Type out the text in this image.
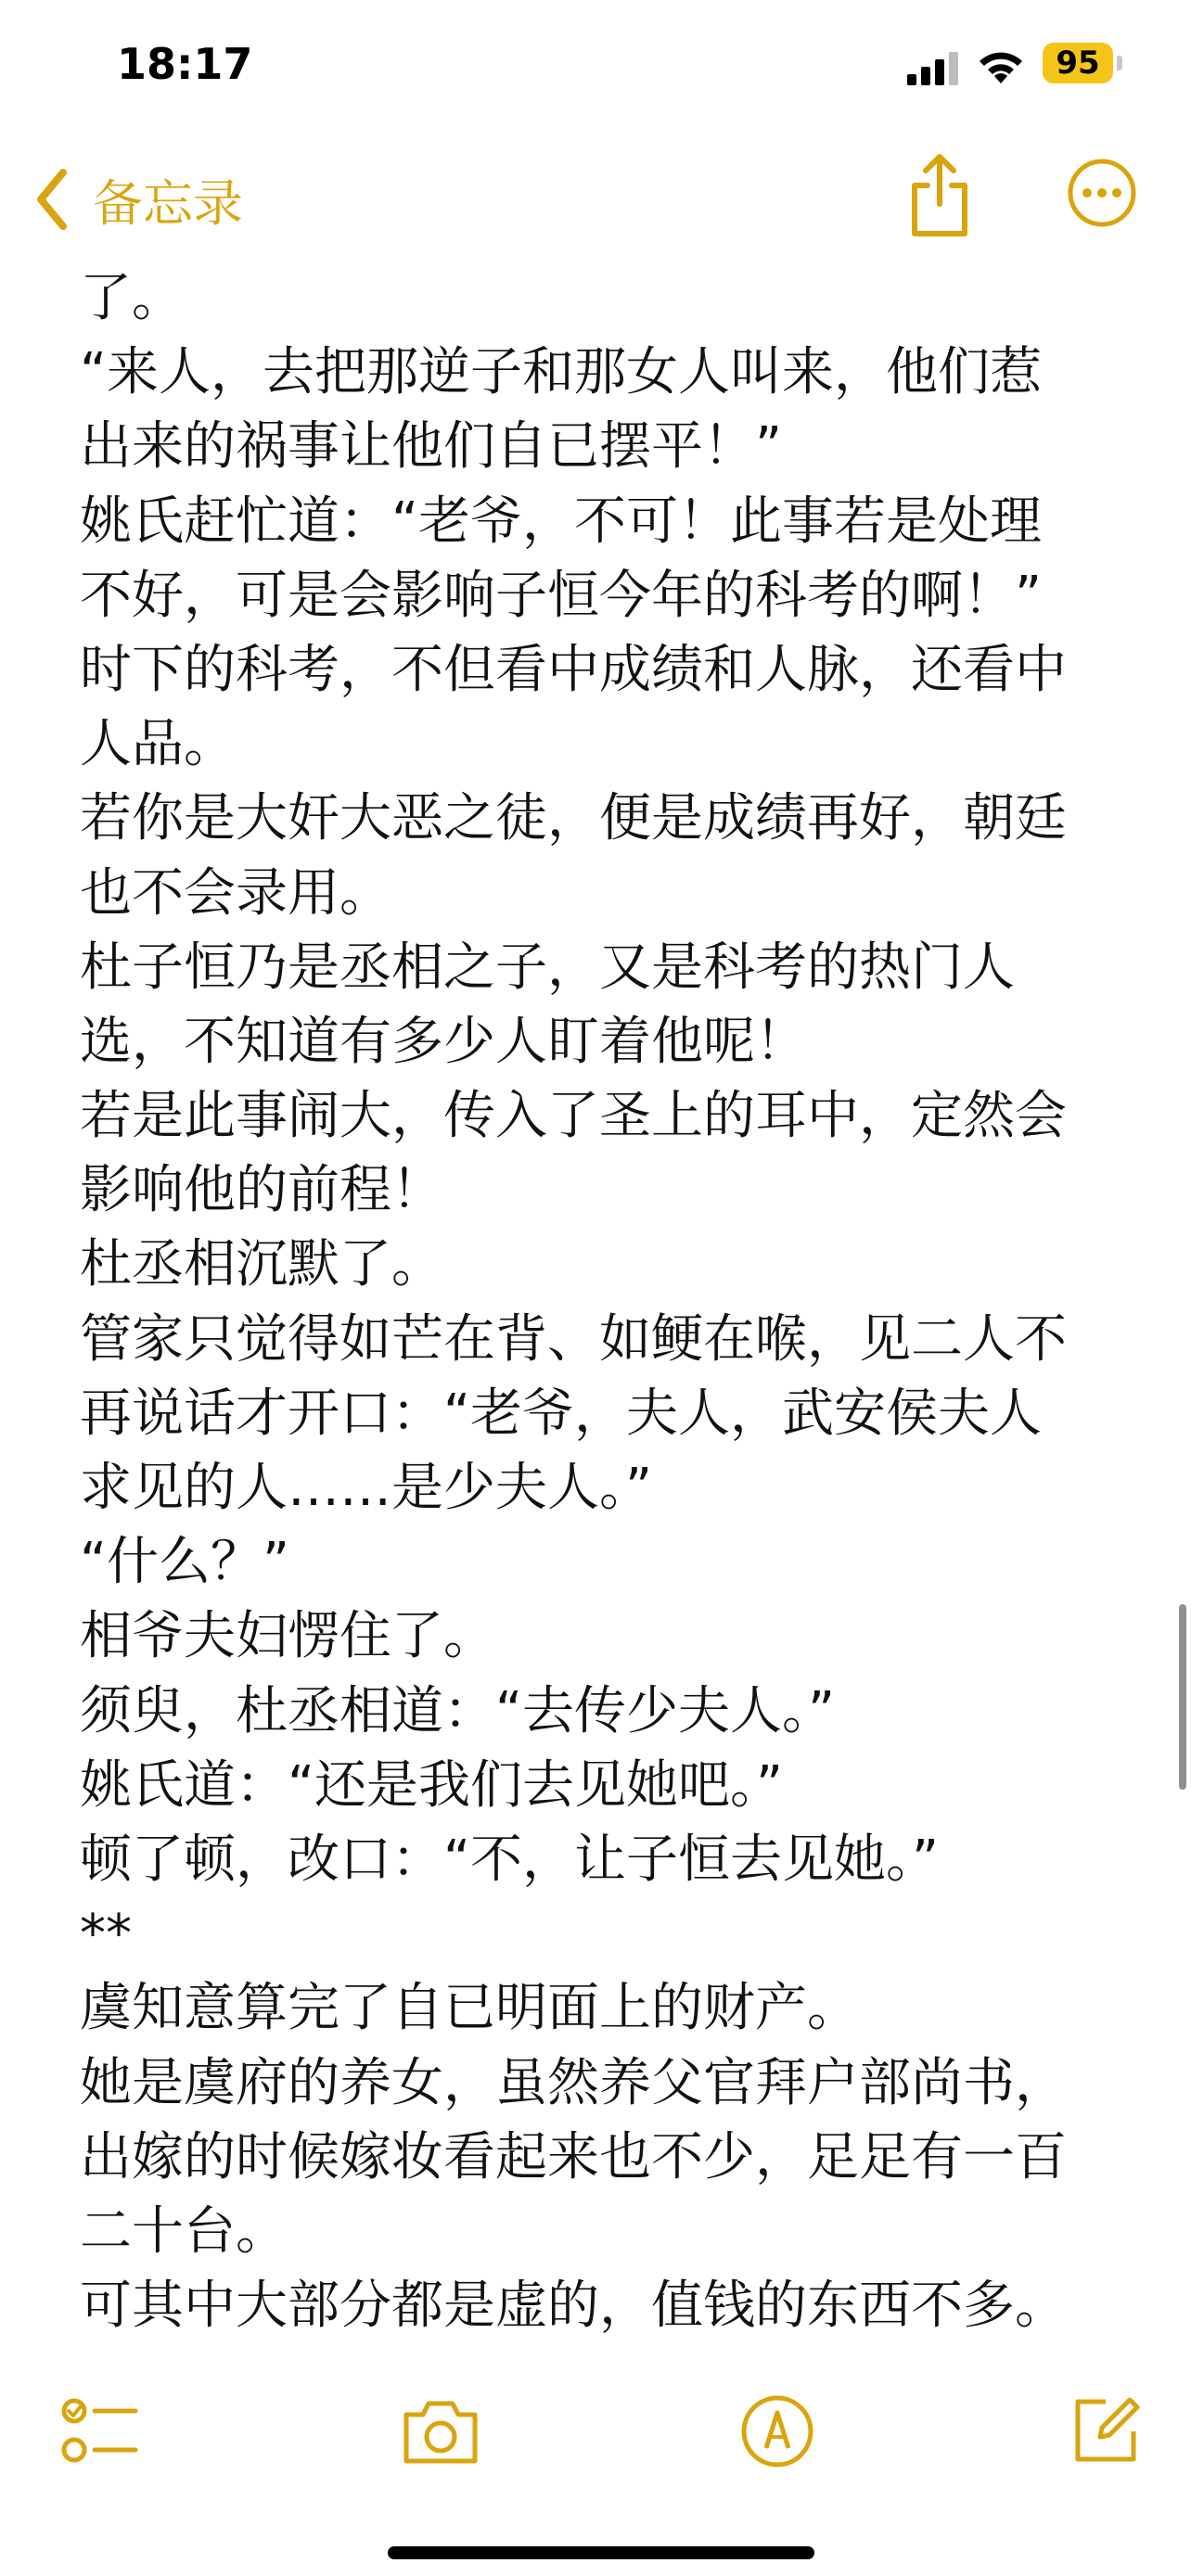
18:17	95
备忘录
了。
“来人，去把那逆子和那女人叫来，他们惹
出来的祸事让他们自已摆平！”
姚氏赶忙道：“老爷，不可！此事若是处理
不好，可是会影响子恒今年的科考的啊！”
时下的科考，不但看中成绩和人脉，还看中
人品。
若你是大奸大恶之徒，便是成绩再好，朝廷
也不会录用。
杜子恒乃是丞相之子，又是科考的热门人
选，不知道有多少人盯着他呢！
若是此事闹大，传入了圣上的耳中，定然会
影响他的前程！
杜丞相沉默了。
管家只觉得如芒在背、如鲠在喉，见二人不
再说话才开口：“老爷，夫人，武安侯夫人
求见的人……是少夫人。”
“什么？”
相爷夫妇愣住了。
须臾，杜丞相道：“去传少夫人。”
姚氏道：“还是我们去见她吧。”
顿了顿，改口：“不，让子恒去见她。”
**
虞知意算完了自已明面上的财产。
她是虞府的养女，虽然养父官拜户部尚书，
出嫁的时候嫁妆看起来也不少，足足有一百
二十台。
可其中大部分都是虚的，值钱的东西不多。
